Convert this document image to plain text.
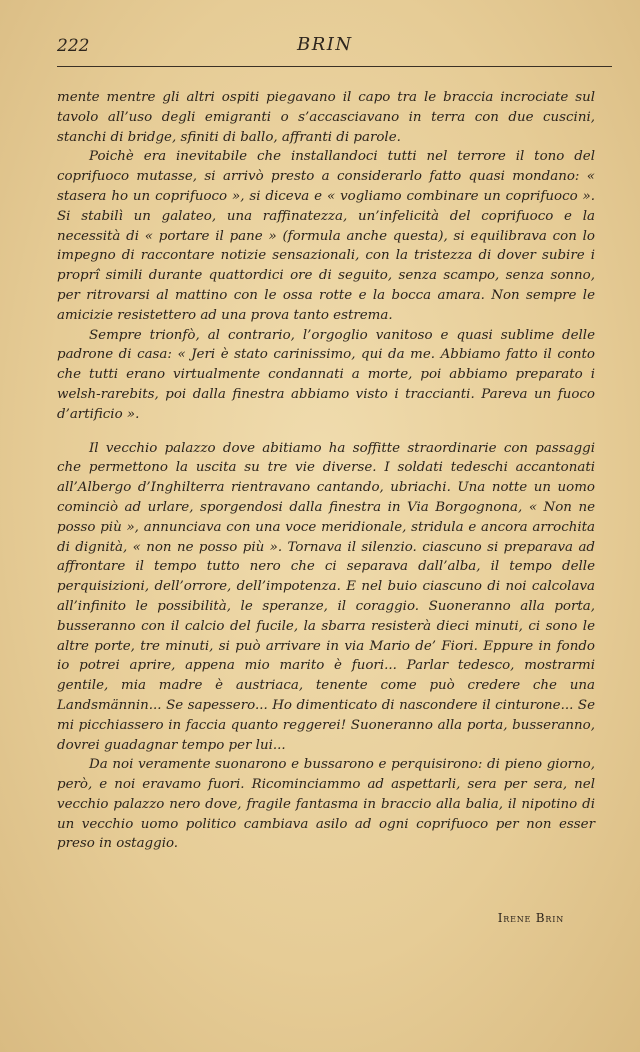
222	BRIN

mente mentre gli altri ospiti piegavano il capo tra le braccia incrociate sul tavolo all’uso degli emigranti o s’accasciavano in terra con due cuscini, stanchi di bridge, sfiniti di ballo, affranti di parole.

Poichè era inevitabile che installandoci tutti nel terrore il tono del coprifuoco mutasse, si arrivò presto a considerarlo fatto quasi mondano: « stasera ho un coprifuoco », si diceva e « vogliamo combinare un coprifuoco ». Si stabilì un galateo, una raffinatezza, un’infelicità del coprifuoco e la necessità di « portare il pane » (formula anche questa), si equilibrava con lo impegno di raccontare notizie sensazionali, con la tristezza di dover subire i proprî simili durante quattordici ore di seguito, senza scampo, senza sonno, per ritrovarsi al mattino con le ossa rotte e la bocca amara. Non sempre le amicizie resistettero ad una prova tanto estrema.

Sempre trionfò, al contrario, l’orgoglio vanitoso e quasi sublime delle padrone di casa: « Jeri è stato carinissimo, qui da me. Abbiamo fatto il conto che tutti erano virtualmente condannati a morte, poi abbiamo preparato i welsh-rarebits, poi dalla finestra abbiamo visto i traccianti. Pareva un fuoco d’artificio ».

Il vecchio palazzo dove abitiamo ha soffitte straordinarie con passaggi che permettono la uscita su tre vie diverse. I soldati tedeschi accantonati all’Albergo d’Inghilterra rientravano cantando, ubriachi. Una notte un uomo cominciò ad urlare, sporgendosi dalla finestra in Via Borgognona, « Non ne posso più », annunciava con una voce meridionale, stridula e ancora arrochita di dignità, « non ne posso più ». Tornava il silenzio. ciascuno si preparava ad affrontare il tempo tutto nero che ci separava dall’alba, il tempo delle perquisizioni, dell’orrore, dell’impotenza. E nel buio ciascuno di noi calcolava all’infinito le possibilità, le speranze, il coraggio. Suoneranno alla porta, busseranno con il calcio del fucile, la sbarra resisterà dieci minuti, ci sono le altre porte, tre minuti, si può arrivare in via Mario de’ Fiori. Eppure in fondo io potrei aprire, appena mio marito è fuori... Parlar tedesco, mostrarmi gentile, mia madre è austriaca, tenente come può credere che una Landsmännin... Se sapessero... Ho dimenticato di nascondere il cinturone... Se mi picchiassero in faccia quanto reggerei! Suoneranno alla porta, busseranno, dovrei guadagnar tempo per lui...

Da noi veramente suonarono e bussarono e perquisirono: di pieno giorno, però, e noi eravamo fuori. Ricominciammo ad aspettarli, sera per sera, nel vecchio palazzo nero dove, fragile fantasma in braccio alla balia, il nipotino di un vecchio uomo politico cambiava asilo ad ogni coprifuoco per non esser preso in ostaggio.

Irene Brin
